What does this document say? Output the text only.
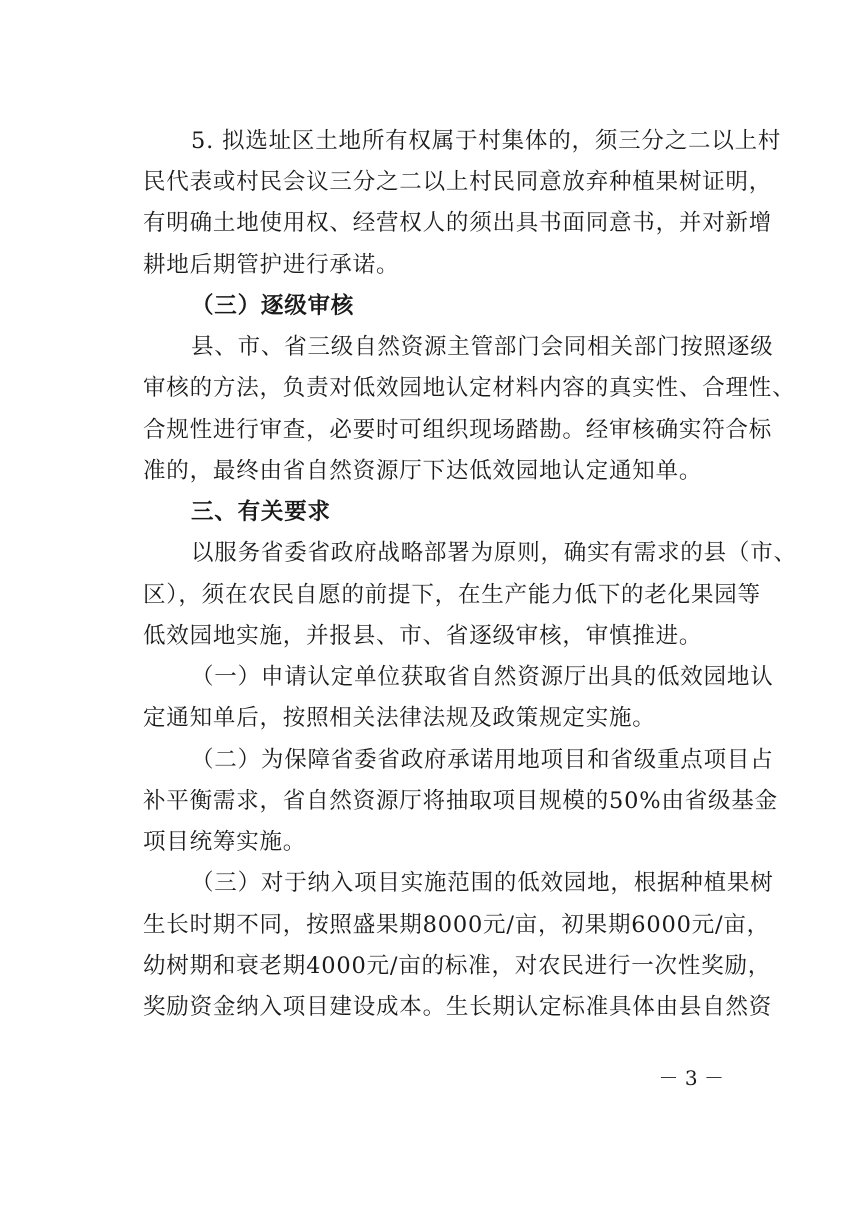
5. 拟选址区土地所有权属于村集体的，须三分之二以上村
民代表或村民会议三分之二以上村民同意放弃种植果树证明，
有明确土地使用权、经营权人的须出具书面同意书，并对新增
耕地后期管护进行承诺。
（三）逐级审核
县、市、省三级自然资源主管部门会同相关部门按照逐级
审核的方法，负责对低效园地认定材料内容的真实性、合理性、
合规性进行审查，必要时可组织现场踏勘。经审核确实符合标
准的，最终由省自然资源厅下达低效园地认定通知单。
三、有关要求
以服务省委省政府战略部署为原则，确实有需求的县（市、
区），须在农民自愿的前提下，在生产能力低下的老化果园等
低效园地实施，并报县、市、省逐级审核，审慎推进。
（一）申请认定单位获取省自然资源厅出具的低效园地认
定通知单后，按照相关法律法规及政策规定实施。
（二）为保障省委省政府承诺用地项目和省级重点项目占
补平衡需求，省自然资源厅将抽取项目规模的50%由省级基金
项目统筹实施。
（三）对于纳入项目实施范围的低效园地，根据种植果树
生长时期不同，按照盛果期8000元/亩，初果期6000元/亩，
幼树期和衰老期4000元/亩的标准，对农民进行一次性奖励，
奖励资金纳入项目建设成本。生长期认定标准具体由县自然资
－ 3 －
